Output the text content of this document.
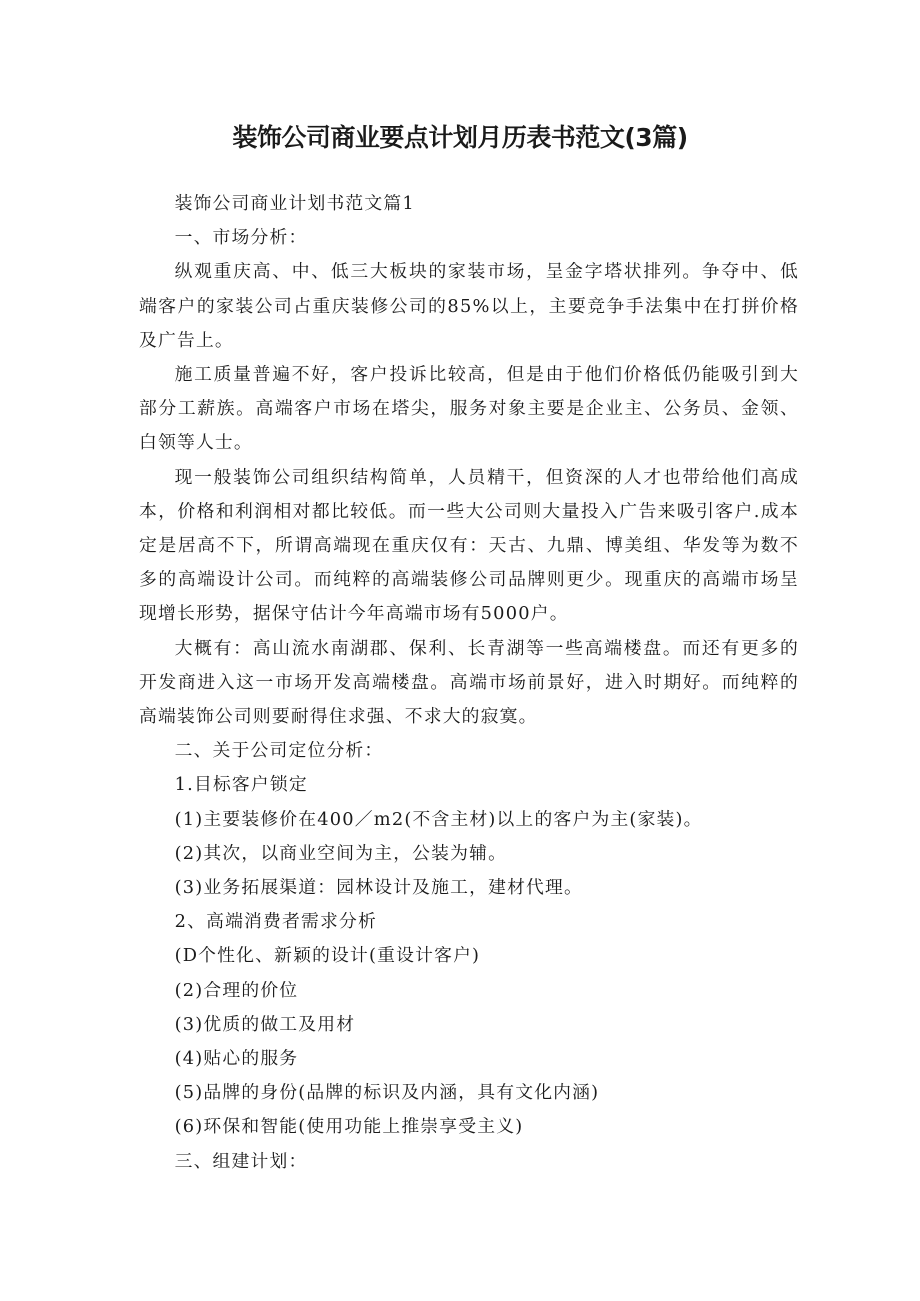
装饰公司商业要点计划月历表书范文(3篇)

装饰公司商业计划书范文篇1

一、市场分析：

纵观重庆高、中、低三大板块的家装市场，呈金字塔状排列。争夺中、低端客户的家装公司占重庆装修公司的85%以上，主要竞争手法集中在打拼价格及广告上。

施工质量普遍不好，客户投诉比较高，但是由于他们价格低仍能吸引到大部分工薪族。高端客户市场在塔尖，服务对象主要是企业主、公务员、金领、白领等人士。

现一般装饰公司组织结构简单，人员精干，但资深的人才也带给他们高成本，价格和利润相对都比较低。而一些大公司则大量投入广告来吸引客户.成本定是居高不下，所谓高端现在重庆仅有：天古、九鼎、博美组、华发等为数不多的高端设计公司。而纯粹的高端装修公司品牌则更少。现重庆的高端市场呈现增长形势，据保守估计今年高端市场有5000户。

大概有：高山流水南湖郡、保利、长青湖等一些高端楼盘。而还有更多的开发商进入这一市场开发高端楼盘。高端市场前景好，进入时期好。而纯粹的高端装饰公司则要耐得住求强、不求大的寂寞。

二、关于公司定位分析：

1.目标客户锁定

(1)主要装修价在400／m2(不含主材)以上的客户为主(家装)。

(2)其次，以商业空间为主，公装为辅。

(3)业务拓展渠道：园林设计及施工，建材代理。

2、高端消费者需求分析

(D个性化、新颖的设计(重设计客户)

(2)合理的价位

(3)优质的做工及用材

(4)贴心的服务

(5)品牌的身份(品牌的标识及内涵，具有文化内涵)

(6)环保和智能(使用功能上推崇享受主义)

三、组建计划：
